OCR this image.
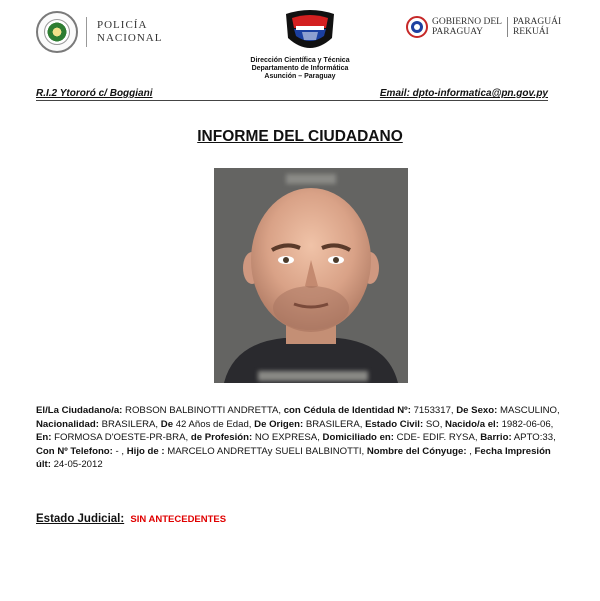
POLICÍA
NACIONAL
GOBIERNO DEL
PARAGUAY
PARAGUÁI
REKUÁI
Dirección Científica y Técnica
Departamento de Informática
Asunción – Paraguay
R.I.2 Ytororó c/ Boggiani	Email: dpto-informatica@pn.gov.py
INFORME DEL CIUDADANO
El/La Ciudadano/a: ROBSON BALBINOTTI ANDRETTA, con Cédula de Identidad Nº: 7153317, De Sexo: MASCULINO, Nacionalidad: BRASILERA, De 42 Años de Edad, De Origen: BRASILERA, Estado Civil: SO, Nacido/a el: 1982-06-06, En: FORMOSA D'OESTE-PR-BRA, de Profesión: NO EXPRESA, Domiciliado en: CDE- EDIF. RYSA, Barrio: APTO:33, Con Nº Telefono: - , Hijo de : MARCELO ANDRETTAy SUELI BALBINOTTI, Nombre del Cónyuge: , Fecha Impresión últ: 24-05-2012
Estado Judicial: SIN ANTECEDENTES
